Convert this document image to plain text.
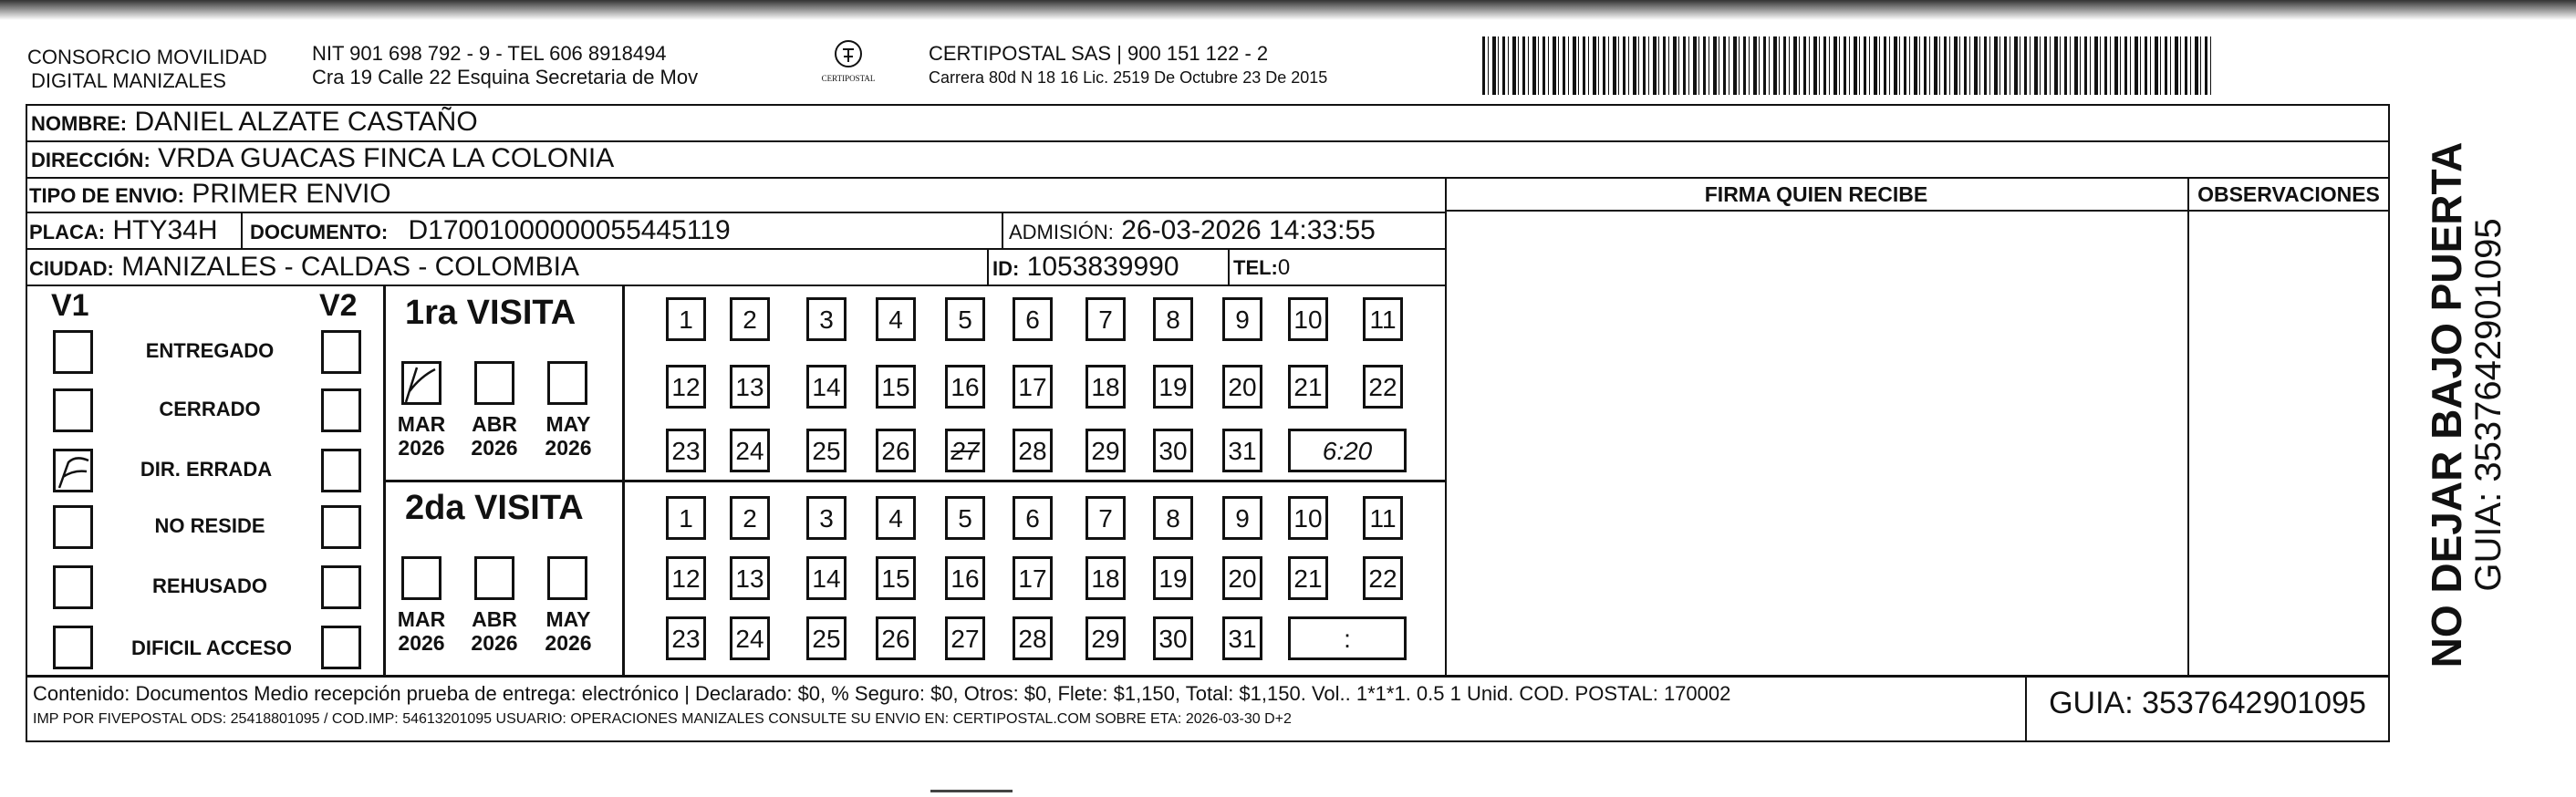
CONSORCIO MOVILIDAD
DIGITAL MANIZALES
NIT 901 698 792 - 9 - TEL 606 8918494
Cra 19 Calle 22 Esquina Secretaria de Mov	CERTIPOSTAL
CERTIPOSTAL SAS | 900 151 122 - 2
Carrera 80d N 18 16 Lic. 2519 De Octubre 23 De 2015
NOMBRE: DANIEL ALZATE CASTAÑO
DIRECCIÓN: VRDA GUACAS FINCA LA COLONIA
TIPO DE ENVIO: PRIMER ENVIO
PLACA: HTY34H DOCUMENTO: D17001000000055445119	ADMISIÓN: 26-03-2026 14:33:55
CIUDAD: MANIZALES - CALDAS - COLOMBIA	ID: 1053839990	TEL:0
FIRMA QUIEN RECIBE	OBSERVACIONES
V1	V2
ENTREGADO
CERRADO
DIR. ERRADA
NO RESIDE
REHUSADO
DIFICIL ACCESO
1ra VISITA
2da VISITA
MAR
2026
ABR
2026
MAY
2026
MAR
2026
ABR
2026
MAY
2026
1	2	3	4	5	6	7	8	9	10 11
12 13 14 15 16 17 18 19 20 21 22
23 24 25 26 27 28 29 30 31	6:20
1	2	3	4	5	6	7	8	9	10 11
12 13 14 15 16 17 18 19 20 21 22
23 24 25 26 27 28 29 30 31	:
Contenido: Documentos Medio recepción prueba de entrega: electrónico | Declarado: $0, % Seguro: $0, Otros: $0, Flete: $1,150, Total: $1,150. Vol.. 1*1*1. 0.5 1 Unid. COD. POSTAL: 170002
IMP POR FIVEPOSTAL ODS: 25418801095 / COD.IMP: 54613201095 USUARIO: OPERACIONES MANIZALES CONSULTE SU ENVIO EN: CERTIPOSTAL.COM SOBRE ETA: 2026-03-30 D+2	GUIA: 3537642901095
NO DEJAR BAJO PUERTA
GUIA: 3537642901095
